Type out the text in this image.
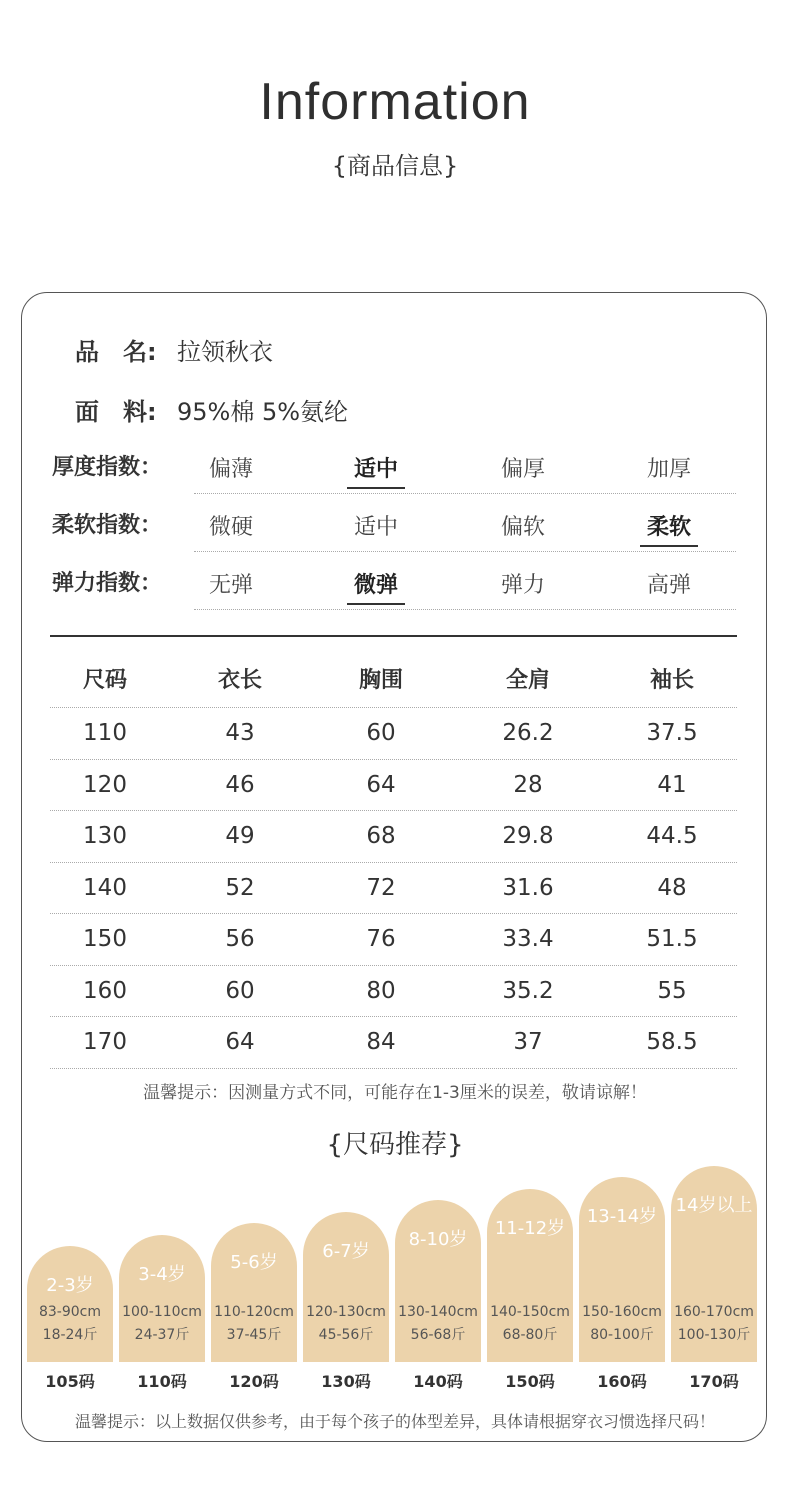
Information
{商品信息}
品 名: 拉领秋衣
面 料: 95%棉 5%氨纶
厚度指数：	偏薄	适中	偏厚	加厚
柔软指数：	微硬	适中	偏软	柔软
弹力指数：	无弹	微弹	弹力	高弹
尺码	衣长	胸围	全肩	袖长
110	43	60	26.2	37.5
120	46	64	28	41
130	49	68	29.8	44.5
140	52	72	31.6	48
150	56	76	33.4	51.5
160	60	80	35.2	55
170	64	84	37	58.5
温馨提示：因测量方式不同，可能存在1-3厘米的误差，敬请谅解！
{尺码推荐}
2-3岁
83-90cm
18-24斤
105码
3-4岁
100-110cm
24-37斤
110码
5-6岁
110-120cm
37-45斤
120码
6-7岁
120-130cm
45-56斤
130码
8-10岁
130-140cm
56-68斤
140码
11-12岁
140-150cm
68-80斤
150码
13-14岁
150-160cm
80-100斤
160码
14岁以上
160-170cm
100-130斤
170码
温馨提示：以上数据仅供参考，由于每个孩子的体型差异，具体请根据穿衣习惯选择尺码！
